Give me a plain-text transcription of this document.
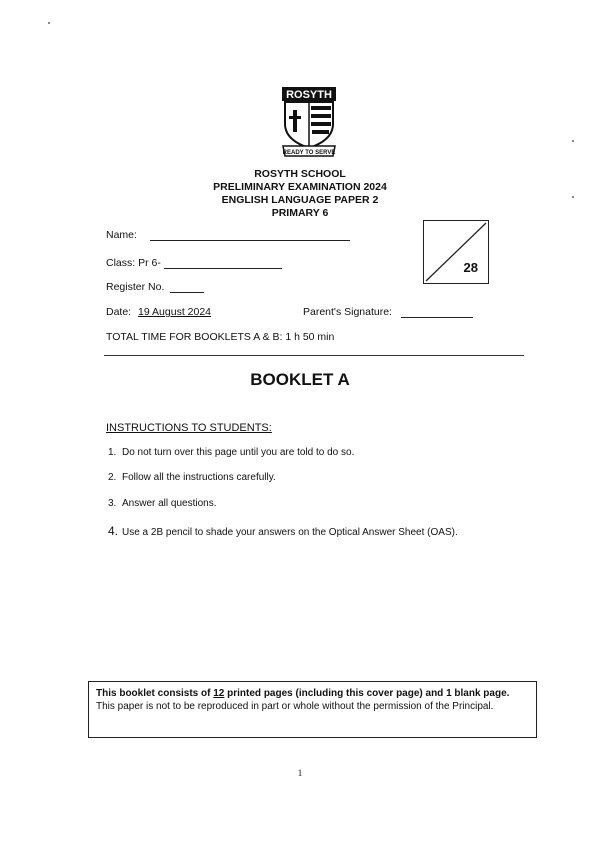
ROSYTH
READY TO SERVE
ROSYTH SCHOOL
PRELIMINARY EXAMINATION 2024
ENGLISH LANGUAGE PAPER 2
PRIMARY 6
Name:
Class: Pr 6-
Register No.
Date: 19 August 2024	Parent's Signature:
TOTAL TIME FOR BOOKLETS A & B: 1 h 50 min
28
BOOKLET A
INSTRUCTIONS TO STUDENTS:
1. Do not turn over this page until you are told to do so.
2. Follow all the instructions carefully.
3. Answer all questions.
4. Use a 2B pencil to shade your answers on the Optical Answer Sheet (OAS).
This booklet consists of 12 printed pages (including this cover page) and 1 blank page.
This paper is not to be reproduced in part or whole without the permission of the Principal.
1
